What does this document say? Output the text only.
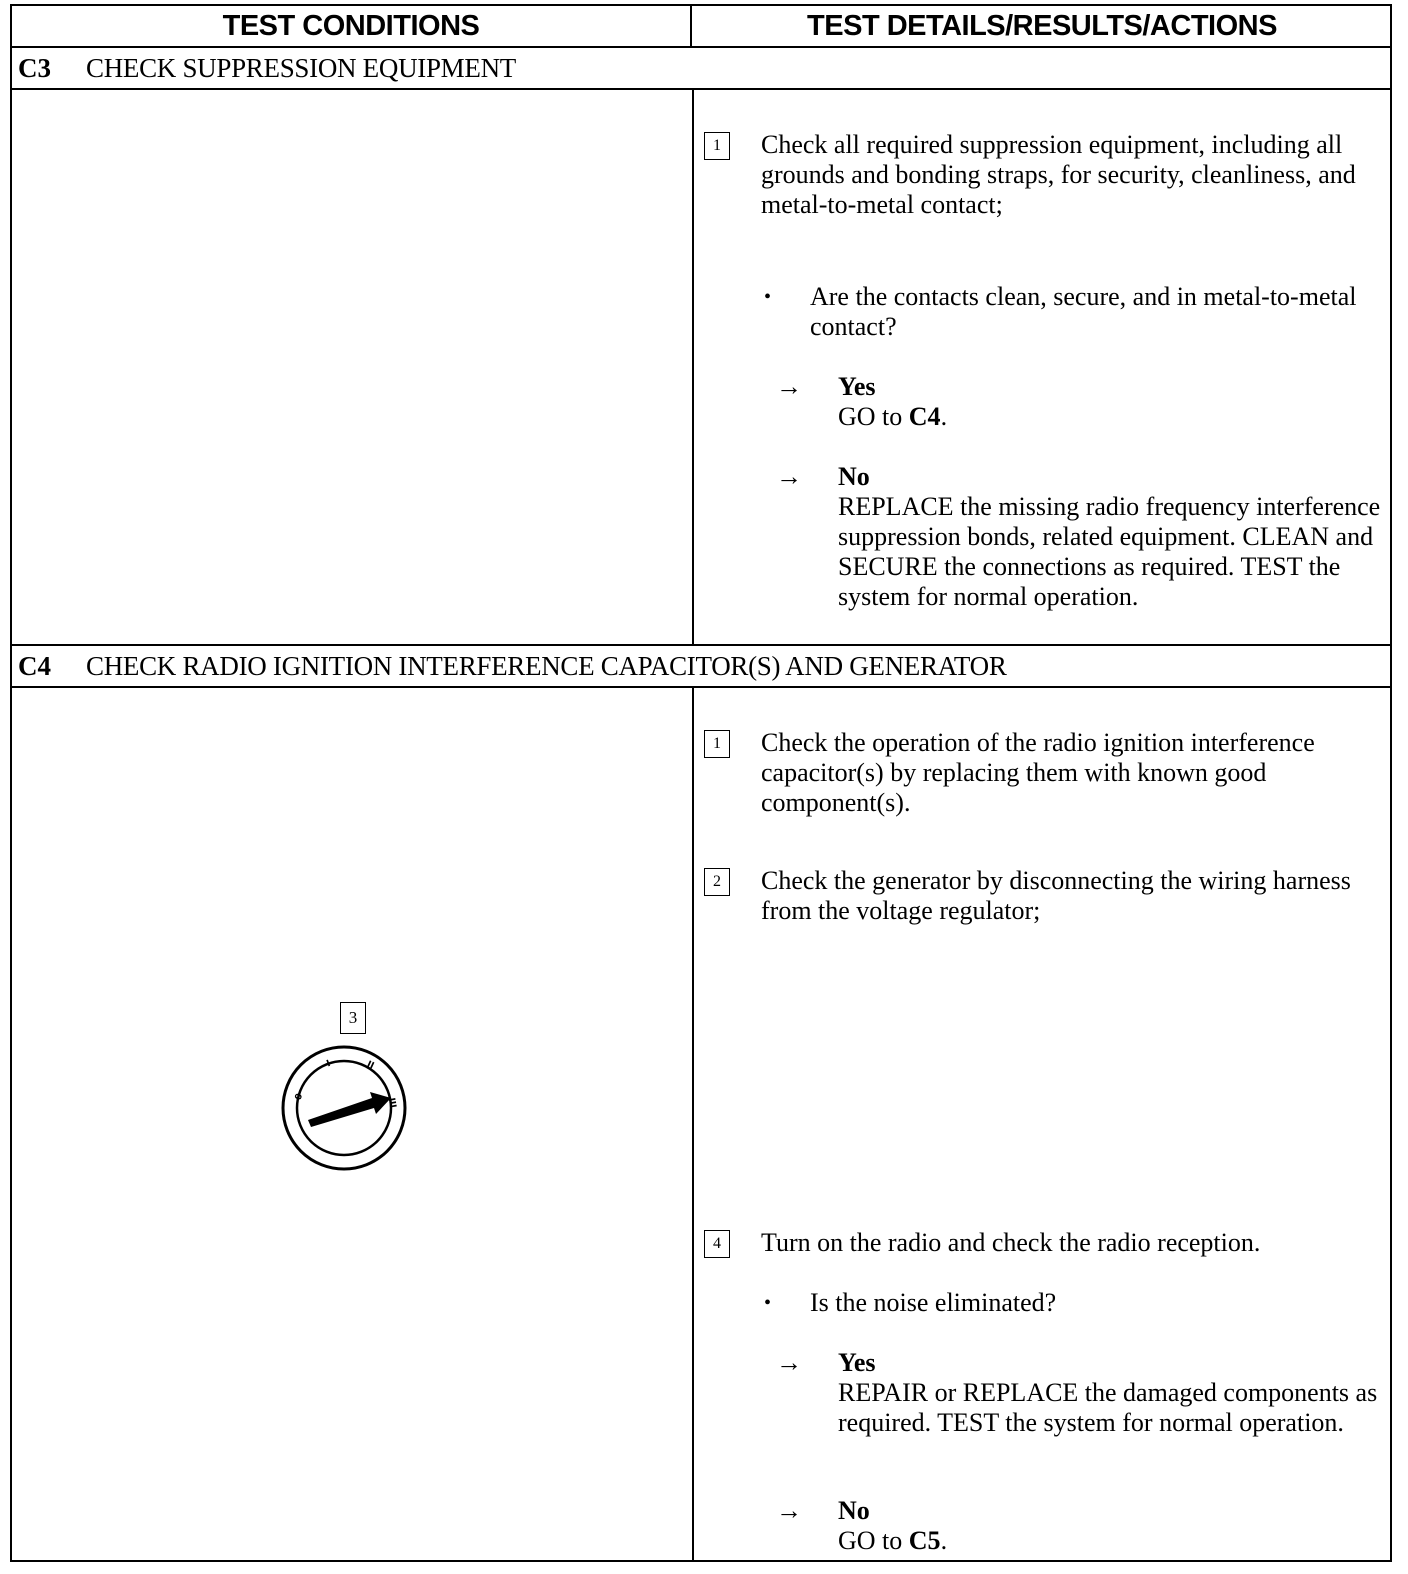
TEST CONDITIONS	TEST DETAILS/RESULTS/ACTIONS
C3 CHECK SUPPRESSION EQUIPMENT
1	Check all required suppression equipment, including all grounds and bonding straps, for security, cleanliness, and metal-to-metal contact;
• Are the contacts clean, secure, and in metal-to-metal contact?
→ Yes
GO to C4.
→ No
REPLACE the missing radio frequency interference suppression bonds, related equipment. CLEAN and SECURE the connections as required. TEST the system for normal operation.
C4 CHECK RADIO IGNITION INTERFERENCE CAPACITOR(S) AND GENERATOR
1	Check the operation of the radio ignition interference capacitor(s) by replacing them with known good component(s).
2	Check the generator by disconnecting the wiring harness from the voltage regulator;
3
0
I	II
III
4	Turn on the radio and check the radio reception.
• Is the noise eliminated?
→ Yes
REPAIR or REPLACE the damaged components as required. TEST the system for normal operation.
→ No
GO to C5.
